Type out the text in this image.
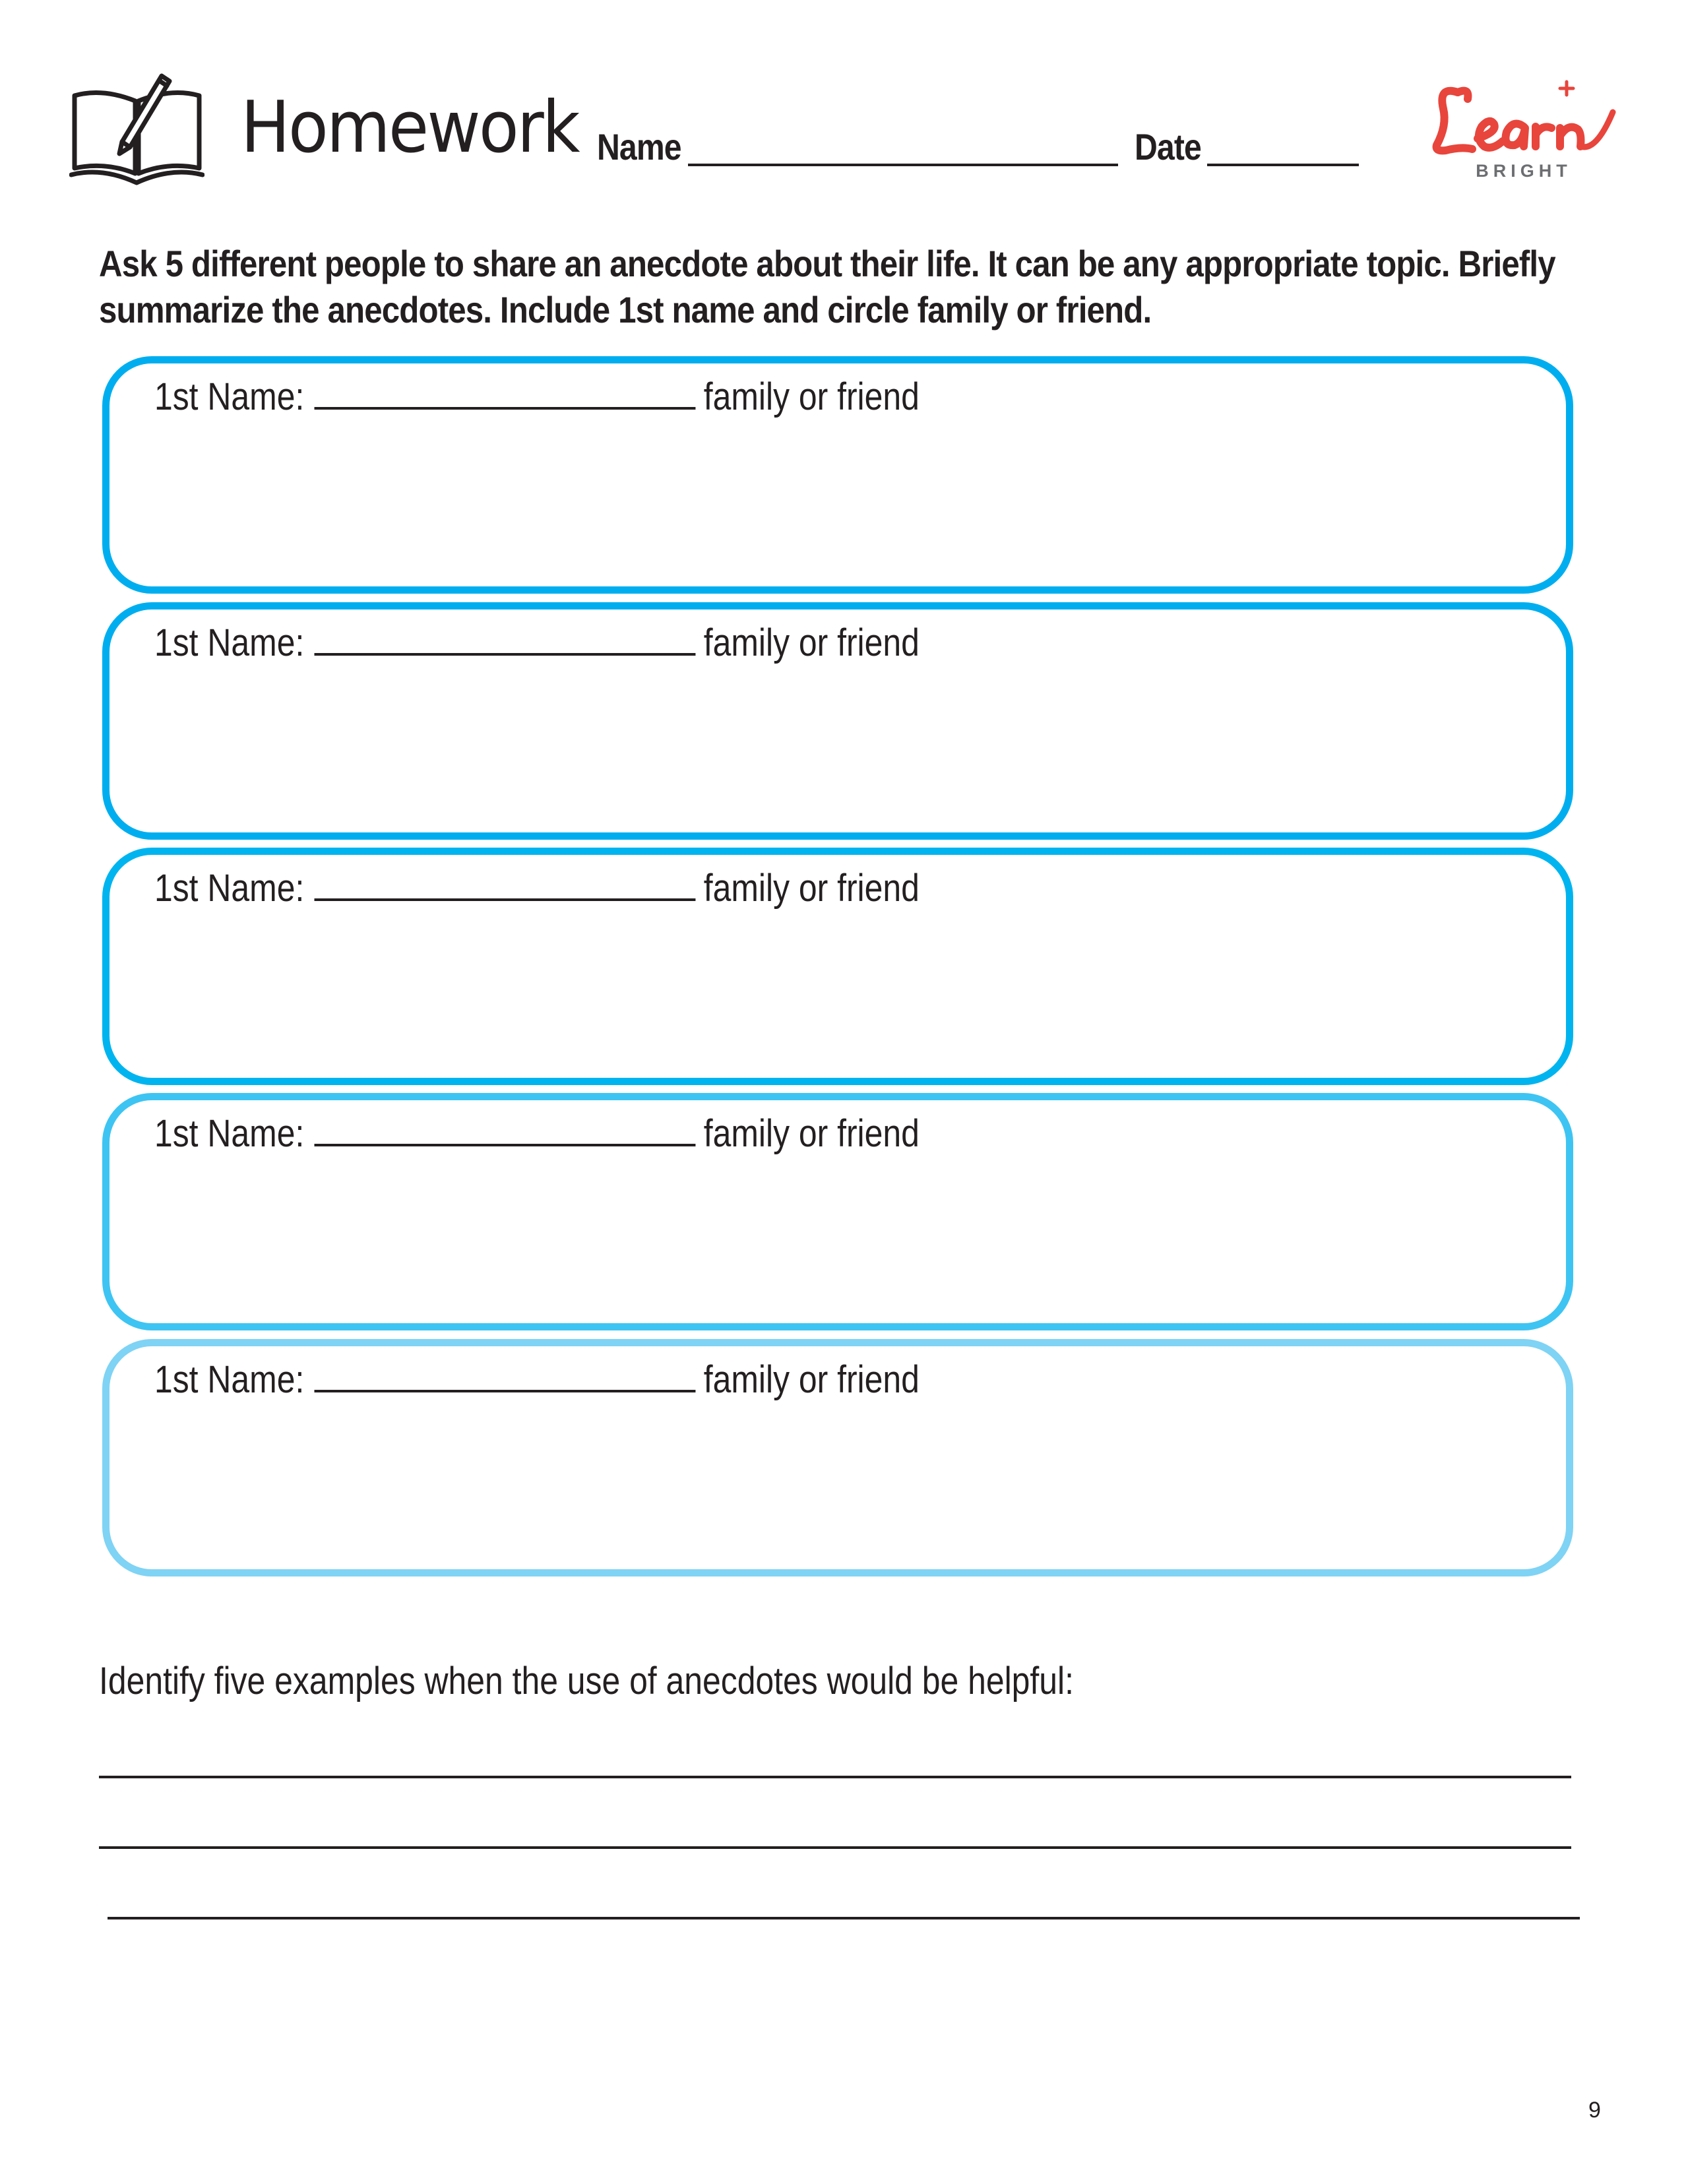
Homework Name	Date
BRIGHT
Ask 5 different people to share an anecdote about their life. It can be any appropriate topic. Briefly summarize the anecdotes. Include 1st name and circle family or friend.
1st Name:	family or friend
1st Name:	family or friend
1st Name:	family or friend
1st Name:	family or friend
1st Name:	family or friend
Identify five examples when the use of anecdotes would be helpful:
9
